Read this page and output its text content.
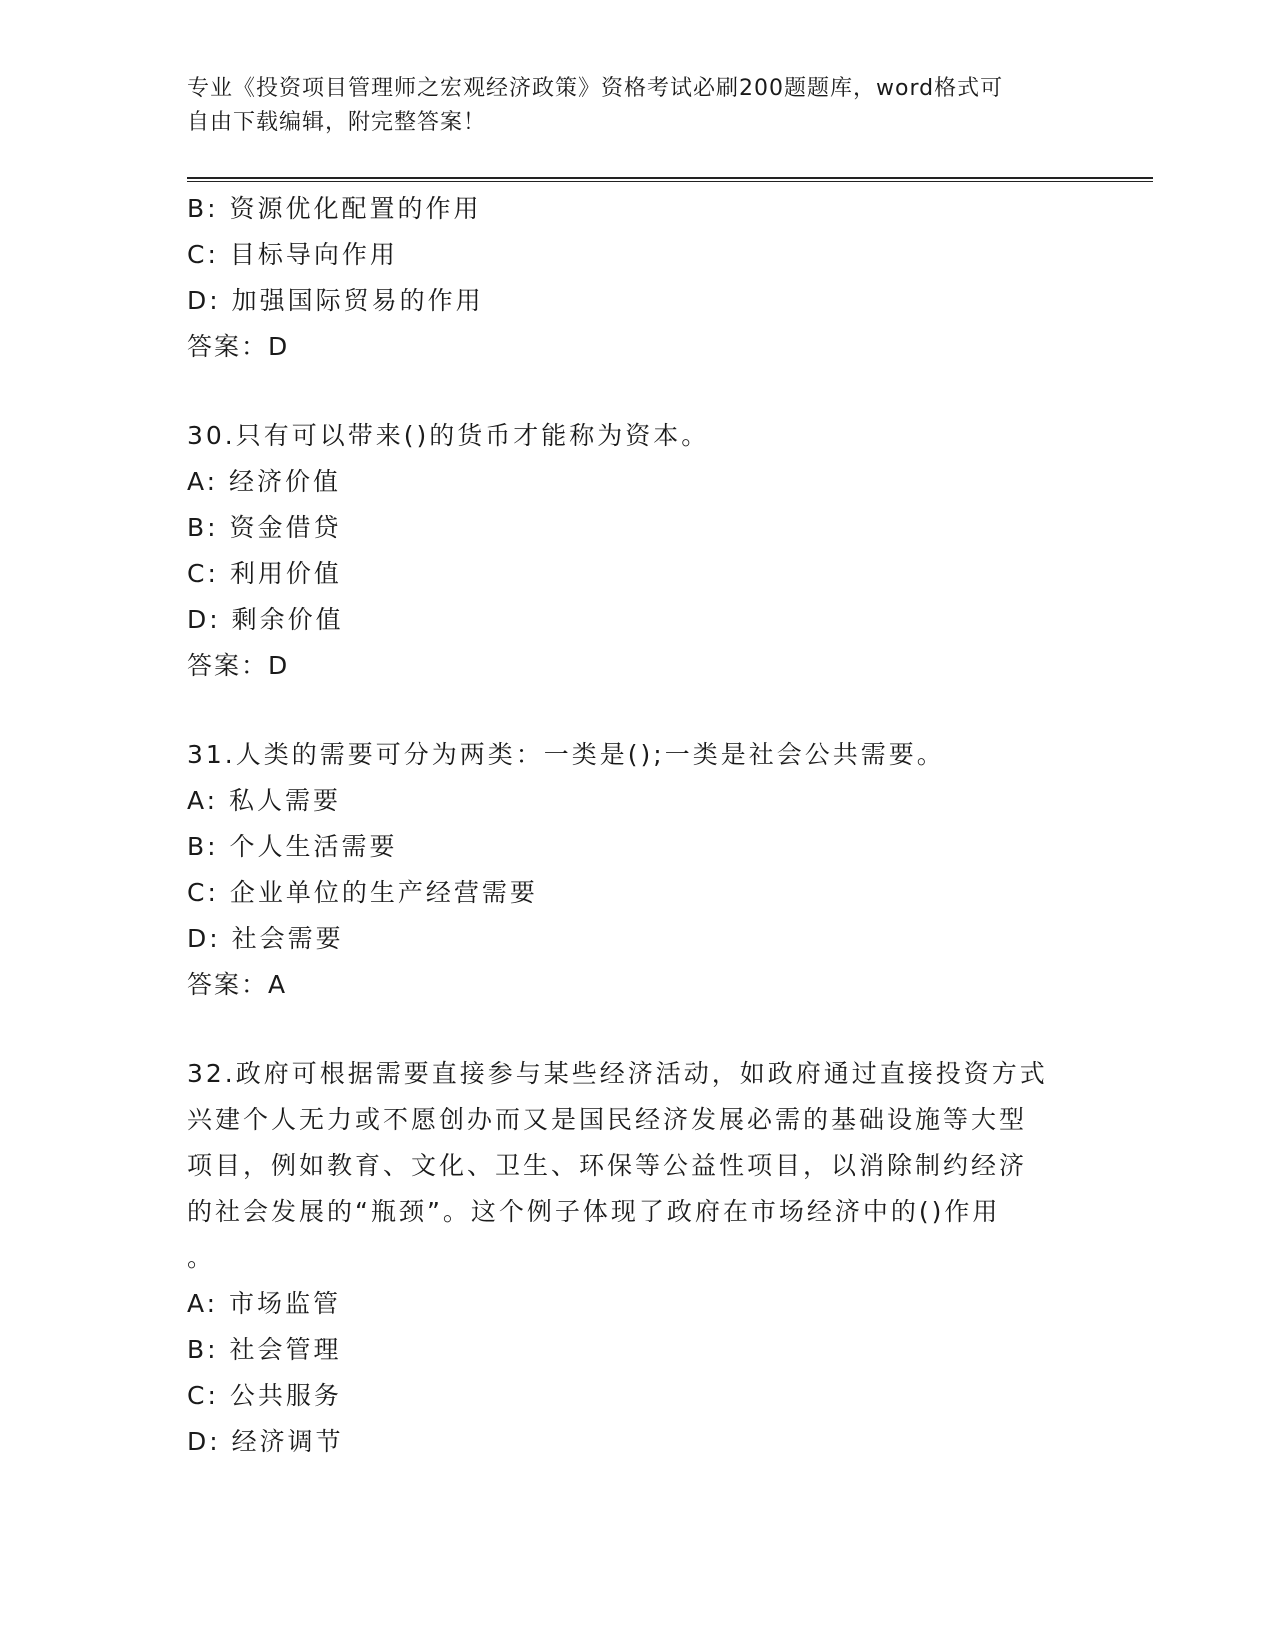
专业《投资项目管理师之宏观经济政策》资格考试必刷200题题库，word格式可
自由下载编辑，附完整答案！
B: 资源优化配置的作用
C: 目标导向作用
D: 加强国际贸易的作用
答案：D
30.只有可以带来()的货币才能称为资本。
A: 经济价值
B: 资金借贷
C: 利用价值
D: 剩余价值
答案：D
31.人类的需要可分为两类：一类是();一类是社会公共需要。
A: 私人需要
B: 个人生活需要
C: 企业单位的生产经营需要
D: 社会需要
答案：A
32.政府可根据需要直接参与某些经济活动，如政府通过直接投资方式
兴建个人无力或不愿创办而又是国民经济发展必需的基础设施等大型
项目，例如教育、文化、卫生、环保等公益性项目，以消除制约经济
的社会发展的“瓶颈”。这个例子体现了政府在市场经济中的()作用
。
A: 市场监管
B: 社会管理
C: 公共服务
D: 经济调节
